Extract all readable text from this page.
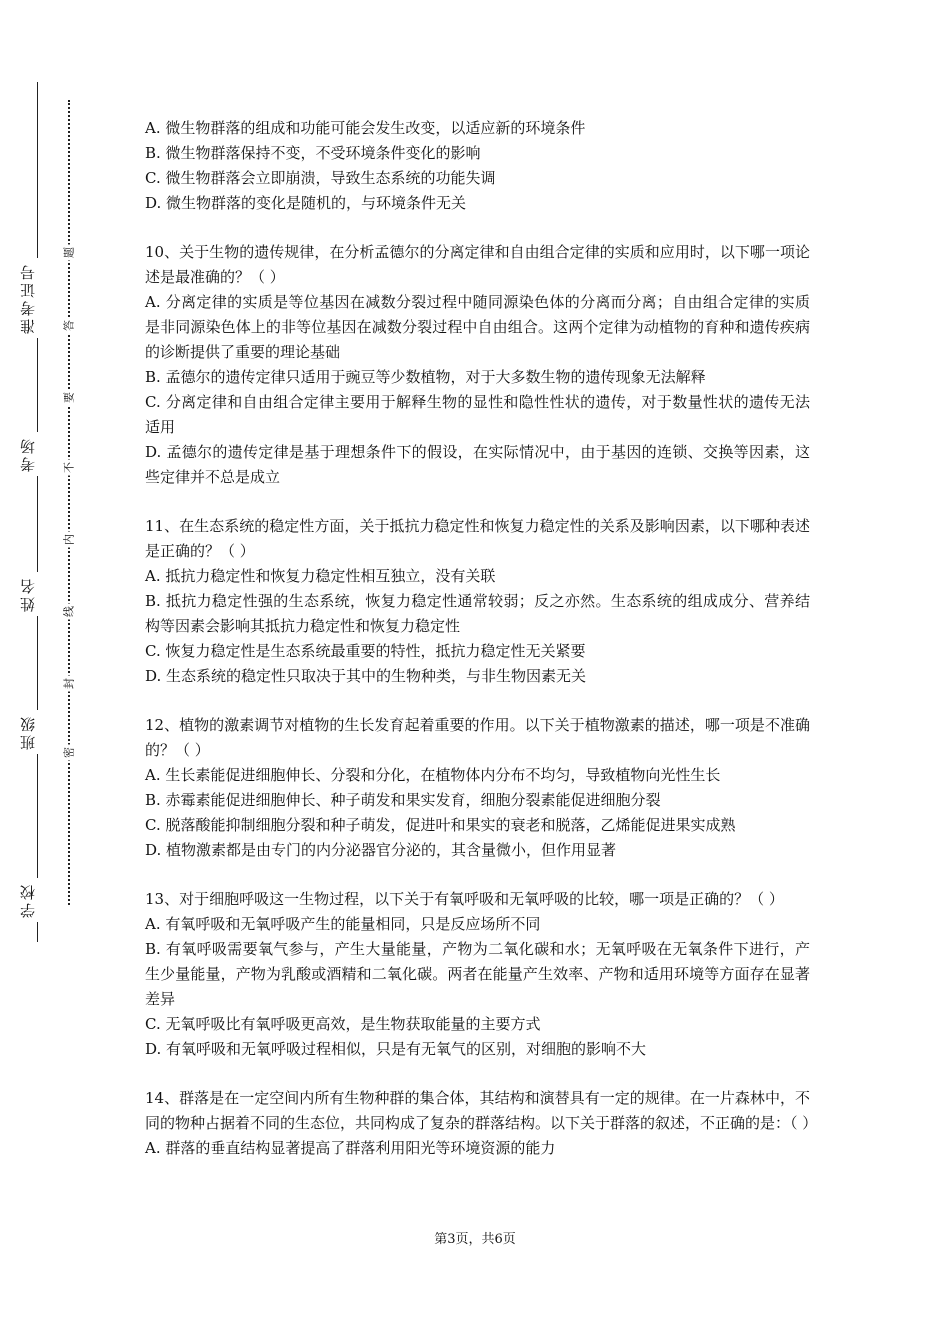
准考证号
考场
姓名
班级
学校
题
答
要
不
内
线
封
密

A. 微生物群落的组成和功能可能会发生改变，以适应新的环境条件

B. 微生物群落保持不变，不受环境条件变化的影响

C. 微生物群落会立即崩溃，导致生态系统的功能失调

D. 微生物群落的变化是随机的，与环境条件无关

10、关于生物的遗传规律，在分析孟德尔的分离定律和自由组合定律的实质和应用时，以下哪一项论述是最准确的？（ ）

A. 分离定律的实质是等位基因在减数分裂过程中随同源染色体的分离而分离；自由组合定律的实质是非同源染色体上的非等位基因在减数分裂过程中自由组合。这两个定律为动植物的育种和遗传疾病的诊断提供了重要的理论基础

B. 孟德尔的遗传定律只适用于豌豆等少数植物，对于大多数生物的遗传现象无法解释

C. 分离定律和自由组合定律主要用于解释生物的显性和隐性性状的遗传，对于数量性状的遗传无法适用

D. 孟德尔的遗传定律是基于理想条件下的假设，在实际情况中，由于基因的连锁、交换等因素，这些定律并不总是成立

11、在生态系统的稳定性方面，关于抵抗力稳定性和恢复力稳定性的关系及影响因素，以下哪种表述是正确的？（ ）

A. 抵抗力稳定性和恢复力稳定性相互独立，没有关联

B. 抵抗力稳定性强的生态系统，恢复力稳定性通常较弱；反之亦然。生态系统的组成成分、营养结构等因素会影响其抵抗力稳定性和恢复力稳定性

C. 恢复力稳定性是生态系统最重要的特性，抵抗力稳定性无关紧要

D. 生态系统的稳定性只取决于其中的生物种类，与非生物因素无关

12、植物的激素调节对植物的生长发育起着重要的作用。以下关于植物激素的描述，哪一项是不准确的？（ ）

A. 生长素能促进细胞伸长、分裂和分化，在植物体内分布不均匀，导致植物向光性生长

B. 赤霉素能促进细胞伸长、种子萌发和果实发育，细胞分裂素能促进细胞分裂

C. 脱落酸能抑制细胞分裂和种子萌发，促进叶和果实的衰老和脱落，乙烯能促进果实成熟

D. 植物激素都是由专门的内分泌器官分泌的，其含量微小，但作用显著

13、对于细胞呼吸这一生物过程，以下关于有氧呼吸和无氧呼吸的比较，哪一项是正确的？（ ）

A. 有氧呼吸和无氧呼吸产生的能量相同，只是反应场所不同

B. 有氧呼吸需要氧气参与，产生大量能量，产物为二氧化碳和水；无氧呼吸在无氧条件下进行，产生少量能量，产物为乳酸或酒精和二氧化碳。两者在能量产生效率、产物和适用环境等方面存在显著差异

C. 无氧呼吸比有氧呼吸更高效，是生物获取能量的主要方式

D. 有氧呼吸和无氧呼吸过程相似，只是有无氧气的区别，对细胞的影响不大

14、群落是在一定空间内所有生物种群的集合体，其结构和演替具有一定的规律。在一片森林中，不同的物种占据着不同的生态位，共同构成了复杂的群落结构。以下关于群落的叙述，不正确的是：（ ）

A. 群落的垂直结构显著提高了群落利用阳光等环境资源的能力

第3页，共6页
